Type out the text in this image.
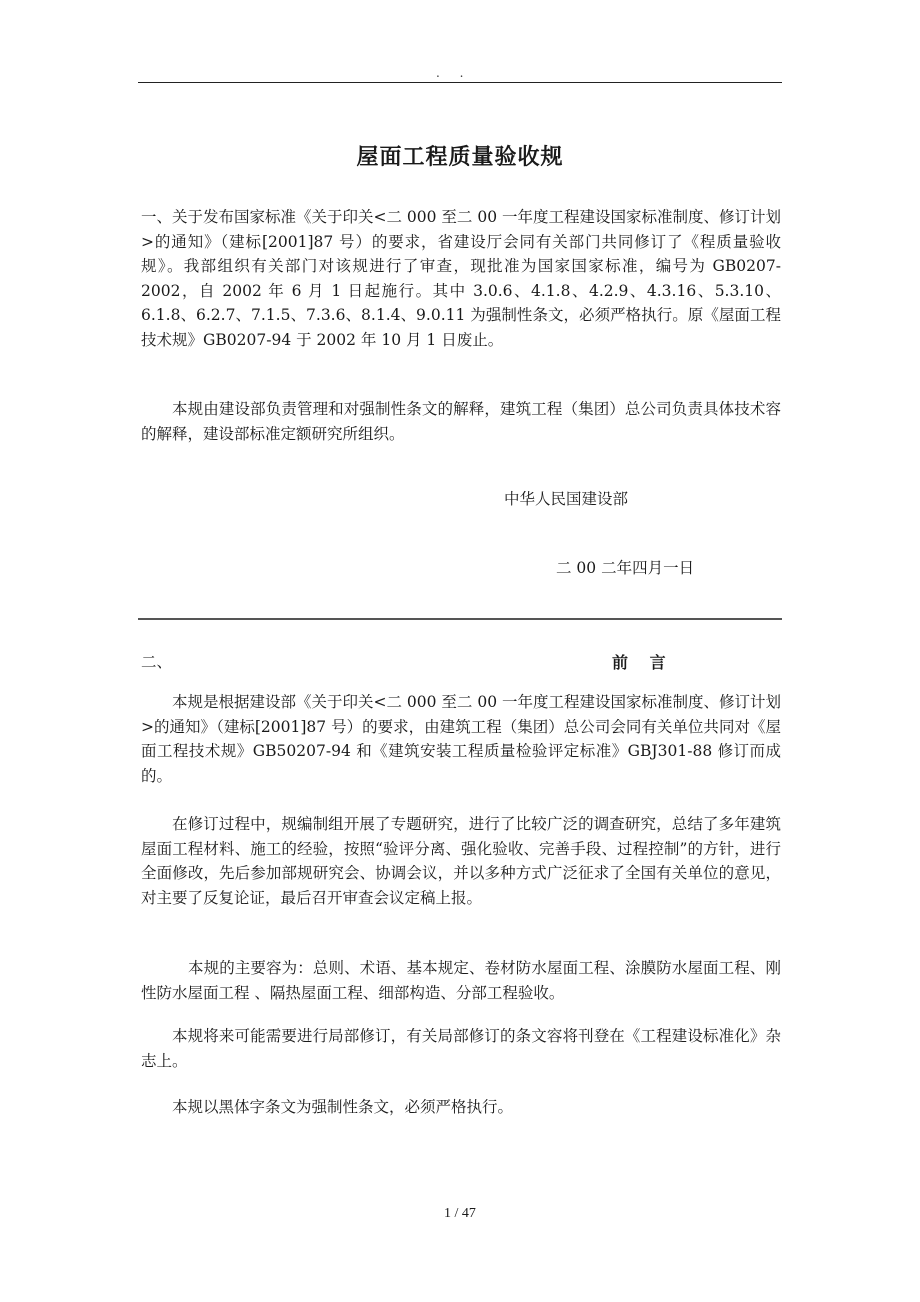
. .
屋面工程质量验收规

一、关于发布国家标准《关于印关<二 000 至二 00 一年度工程建设国家标准制度、修订计划>的通知》（建标[2001]87 号）的要求，省建设厅会同有关部门共同修订了《程质量验收规》。我部组织有关部门对该规进行了审查，现批准为国家国家标准，编号为 GB0207-2002，自 2002 年 6 月 1 日起施行。其中 3.0.6、4.1.8、4.2.9、4.3.16、5.3.10、6.1.8、6.2.7、7.1.5、7.3.6、8.1.4、9.0.11 为强制性条文，必须严格执行。原《屋面工程技术规》GB0207-94 于 2002 年 10 月 1 日废止。

本规由建设部负责管理和对强制性条文的解释，建筑工程（集团）总公司负责具体技术容的解释，建设部标准定额研究所组织。

中华人民国建设部
二 00 二年四月一日
二、	前 言

本规是根据建设部《关于印关<二 000 至二 00 一年度工程建设国家标准制度、修订计划>的通知》（建标[2001]87 号）的要求，由建筑工程（集团）总公司会同有关单位共同对《屋面工程技术规》GB50207-94 和《建筑安装工程质量检验评定标准》GBJ301-88 修订而成的。

在修订过程中，规编制组开展了专题研究，进行了比较广泛的调查研究，总结了多年建筑屋面工程材料、施工的经验，按照“验评分离、强化验收、完善手段、过程控制”的方针，进行全面修改，先后参加部规研究会、协调会议，并以多种方式广泛征求了全国有关单位的意见，对主要了反复论证，最后召开审查会议定稿上报。

本规的主要容为：总则、术语、基本规定、卷材防水屋面工程、涂膜防水屋面工程、刚性防水屋面工程 、隔热屋面工程、细部构造、分部工程验收。

本规将来可能需要进行局部修订，有关局部修订的条文容将刊登在《工程建设标准化》杂志上。

本规以黑体字条文为强制性条文，必须严格执行。

1 / 47
